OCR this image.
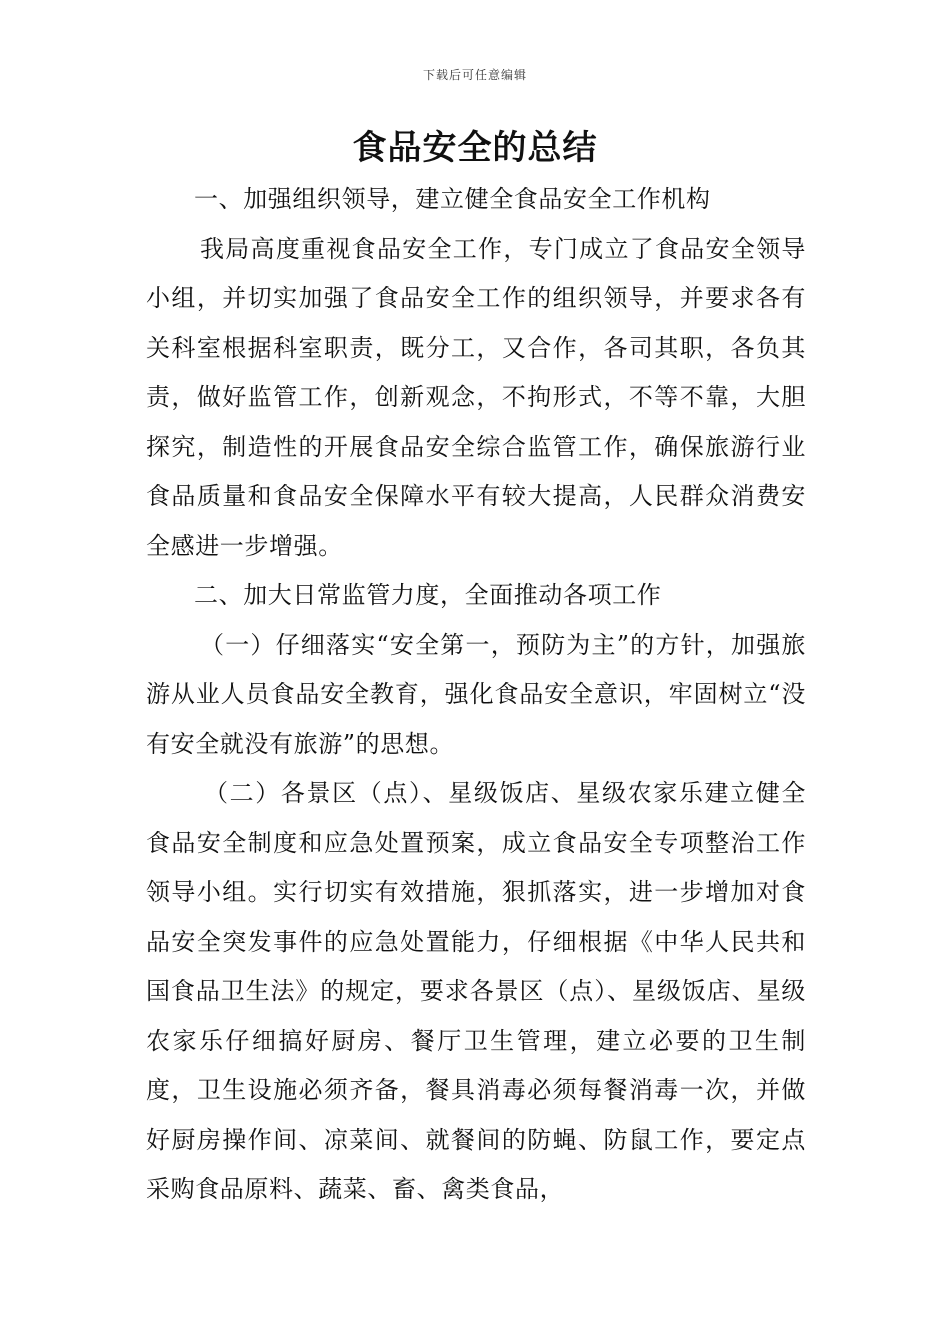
下载后可任意编辑
食品安全的总结

一、加强组织领导，建立健全食品安全工作机构

我局高度重视食品安全工作，专门成立了食品安全领导小组，并切实加强了食品安全工作的组织领导，并要求各有关科室根据科室职责，既分工，又合作，各司其职，各负其责，做好监管工作，创新观念，不拘形式，不等不靠，大胆探究，制造性的开展食品安全综合监管工作，确保旅游行业食品质量和食品安全保障水平有较大提高，人民群众消费安全感进一步增强。

二、加大日常监管力度，全面推动各项工作

（一）仔细落实“安全第一，预防为主”的方针，加强旅游从业人员食品安全教育，强化食品安全意识，牢固树立“没有安全就没有旅游”的思想。

（二）各景区（点）、星级饭店、星级农家乐建立健全食品安全制度和应急处置预案，成立食品安全专项整治工作领导小组。实行切实有效措施，狠抓落实，进一步增加对食品安全突发事件的应急处置能力，仔细根据《中华人民共和国食品卫生法》的规定，要求各景区（点）、星级饭店、星级农家乐仔细搞好厨房、餐厅卫生管理，建立必要的卫生制度，卫生设施必须齐备，餐具消毒必须每餐消毒一次，并做好厨房操作间、凉菜间、就餐间的防蝇、防鼠工作，要定点采购食品原料、蔬菜、畜、禽类食品，
